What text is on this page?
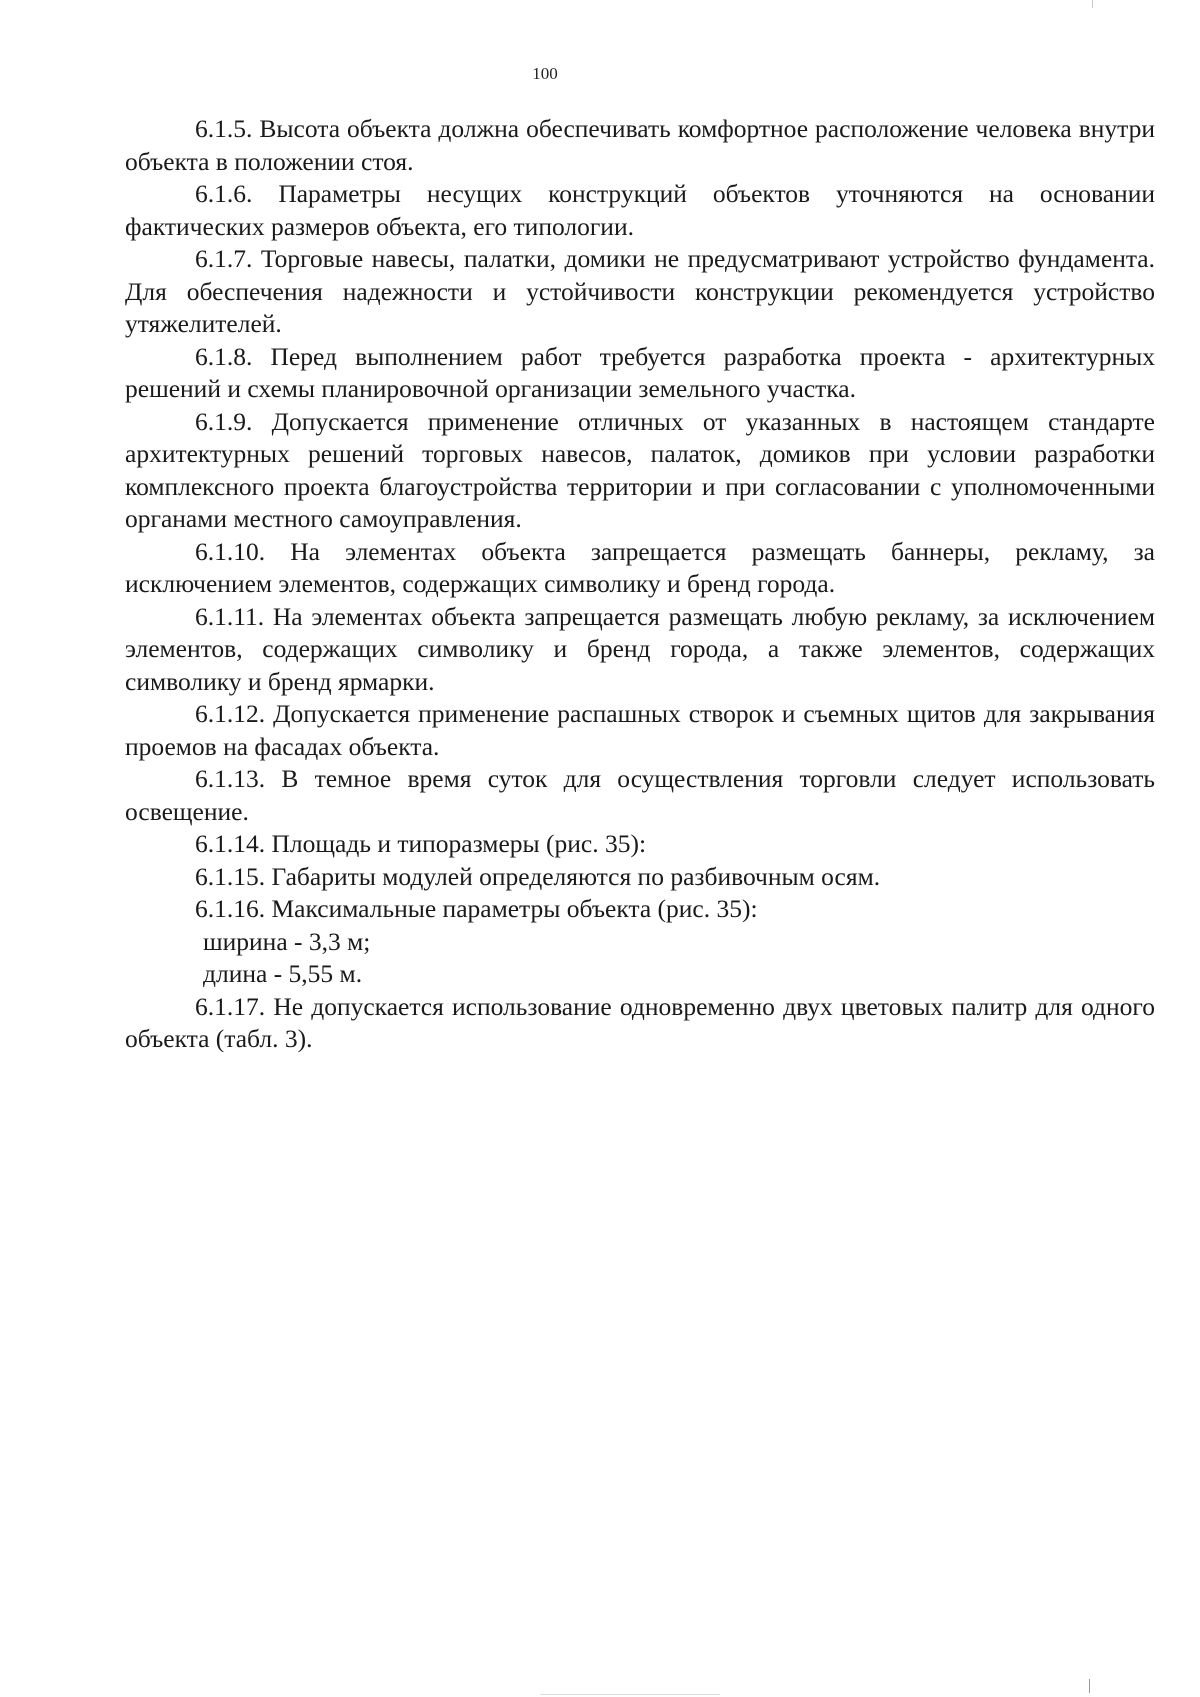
100

6.1.5. Высота объекта должна обеспечивать комфортное расположение человека внутри объекта в положении стоя.

6.1.6. Параметры несущих конструкций объектов уточняются на основании фактических размеров объекта, его типологии.

6.1.7. Торговые навесы, палатки, домики не предусматривают устройство фундамента. Для обеспечения надежности и устойчивости конструкции рекомендуется устройство утяжелителей.

6.1.8. Перед выполнением работ требуется разработка проекта - архитектурных решений и схемы планировочной организации земельного участка.

6.1.9. Допускается применение отличных от указанных в настоящем стандарте архитектурных решений торговых навесов, палаток, домиков при условии разработки комплексного проекта благоустройства территории и при согласовании с уполномоченными органами местного самоуправления.

6.1.10. На элементах объекта запрещается размещать баннеры, рекламу, за исключением элементов, содержащих символику и бренд города.

6.1.11. На элементах объекта запрещается размещать любую рекламу, за исключением элементов, содержащих символику и бренд города, а также элементов, содержащих символику и бренд ярмарки.

6.1.12. Допускается применение распашных створок и съемных щитов для закрывания проемов на фасадах объекта.

6.1.13. В темное время суток для осуществления торговли следует использовать освещение.

6.1.14. Площадь и типоразмеры (рис. 35):

6.1.15. Габариты модулей определяются по разбивочным осям.

6.1.16. Максимальные параметры объекта (рис. 35):

ширина - 3,3 м;

длина - 5,55 м.

6.1.17. Не допускается использование одновременно двух цветовых палитр для одного объекта (табл. 3).
